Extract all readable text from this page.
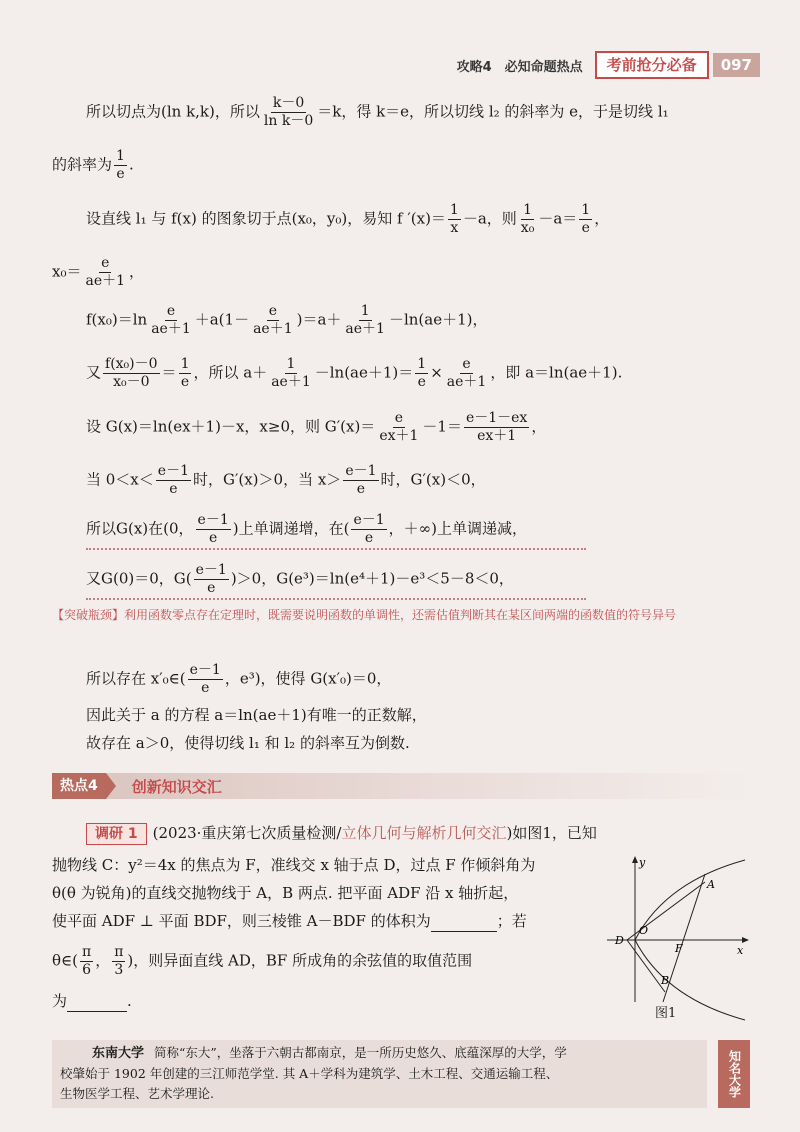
攻略4　必知命题热点	考前抢分必备	097
所以切点为(ln k,k)，所以 $\frac{k-0}{\text{ln k－0}} =k$，得 k＝e，所以切线 l₂ 的斜率为 e，于是切线 l₁
的斜率为 $\frac{1}{e}$ .
设直线 l₁ 与 f(x) 的图象切于点(x₀，y₀)，易知 f $'(x)= \frac{1}{x} -a$，则 $\frac{1}{\text{x₀}} -a= \frac{1}{e}$ ，
$x_0= \frac{e}{ae+1}$ ，
$f(x_0)=\ln \frac{e}{ae+1} +a(1- \frac{e}{ae+1} )=a+ \frac{1}{ae+1} -\ln(ae+1)$，
又 $\frac{\text{f(x₀)－0}}{\text{x₀－0}} = \frac{1}{e}$ ，所以 $a+ \frac{1}{ae+1} -\ln(ae+1)= \frac{1}{e} \times \frac{e}{ae+1}$ ，即 a＝ln(ae＋1).
设 G(x)＝ln(ex＋1)－x，x≥0，则 $G'(x)= \frac{e}{ex+1} -1= \frac{e-1-ex}{ex+1}$ ，
当 $0<x< \frac{e-1}{e}$ 时，G′(x)＞0，当 $x> \frac{e-1}{e}$ 时，G′(x)＜0，
所以G(x)在(0， $\frac{e-1}{e}$ )上单调递增，在( $\frac{e-1}{e}$ ，＋∞)上单调递减，
又G(0)＝0，$G( \frac{e-1}{e} )>0$，G(e³)＝ln(e⁴＋1)－e³＜5－8＜0，
【突破瓶颈】利用函数零点存在定理时，既需要说明函数的单调性，还需估值判断其在某区间两端的函数值的符号异号
所以存在 x′₀∈( $\frac{e-1}{e}$ ，e³)，使得 G(x′₀)＝0，
因此关于 a 的方程 a＝ln(ae＋1)有唯一的正数解，
故存在 a＞0，使得切线 l₁ 和 l₂ 的斜率互为倒数.
热点4	创新知识交汇
调研 1 (2023·重庆第七次质量检测/立体几何与解析几何交汇)如图1，已知
抛物线 C：y²＝4x 的焦点为 F，准线交 x 轴于点 D，过点 F 作倾斜角为
θ(θ 为锐角)的直线交抛物线于 A，B 两点. 把平面 ADF 沿 x 轴折起，
使平面 ADF ⊥ 平面 BDF，则三棱锥 A－BDF 的体积为	；若
θ∈( $\frac{\pi}{6}$ ， $\frac{\pi}{3}$ )，则异面直线 AD，BF 所成角的余弦值的取值范围
为	.
y
x
A
B
D
O
F
图1
东南大学 简称“东大”，坐落于六朝古都南京，是一所历史悠久、底蕴深厚的大学，学
校肇始于 1902 年创建的三江师范学堂. 其 A＋学科为建筑学、土木工程、交通运输工程、
生物医学工程、艺术学理论.	知名大学
